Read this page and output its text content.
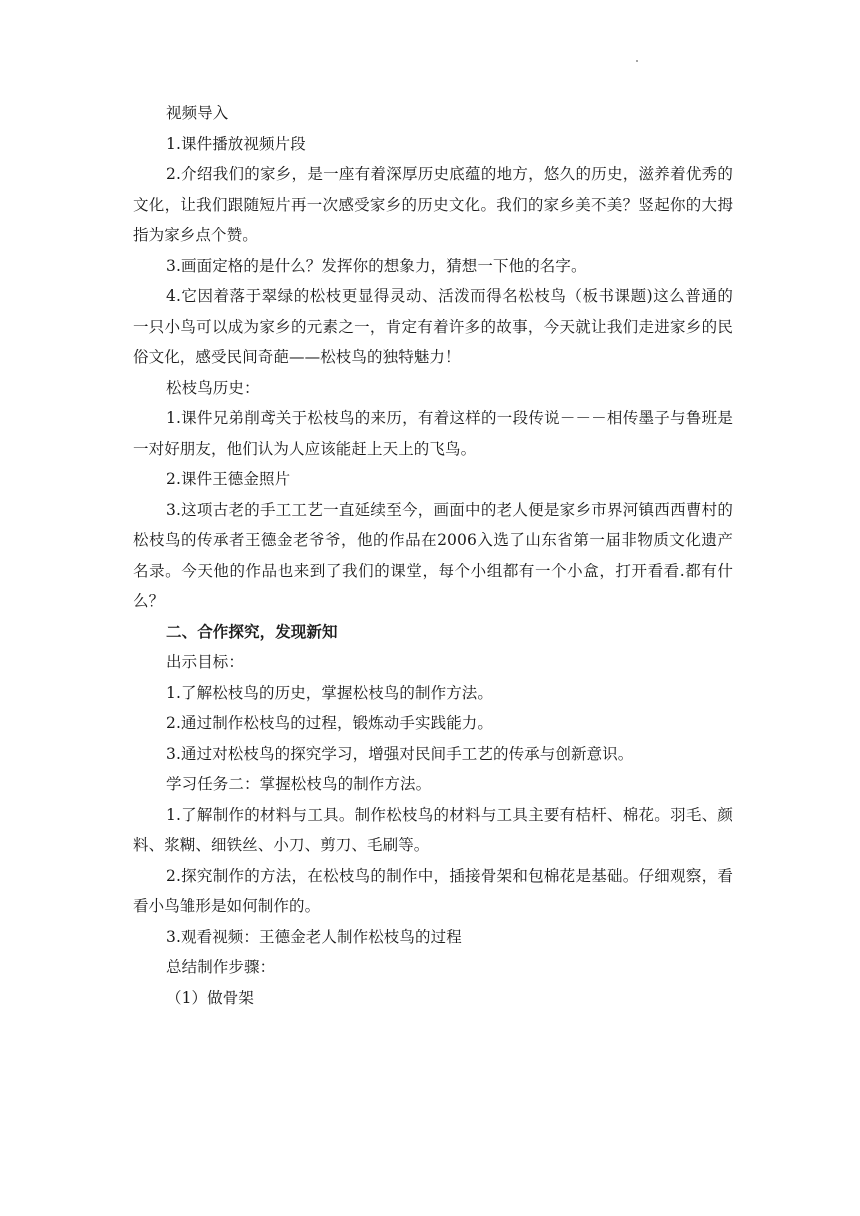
视频导入

1.课件播放视频片段

2.介绍我们的家乡，是一座有着深厚历史底蕴的地方，悠久的历史，滋养着优秀的文化，让我们跟随短片再一次感受家乡的历史文化。我们的家乡美不美？竖起你的大拇指为家乡点个赞。

3.画面定格的是什么？发挥你的想象力，猜想一下他的名字。

4.它因着落于翠绿的松枝更显得灵动、活泼而得名松枝鸟（板书课题)这么普通的一只小鸟可以成为家乡的元素之一，肯定有着许多的故事，今天就让我们走进家乡的民俗文化，感受民间奇葩——松枝鸟的独特魅力！

松枝鸟历史：

1.课件兄弟削鸢关于松枝鸟的来历，有着这样的一段传说－－－相传墨子与鲁班是一对好朋友，他们认为人应该能赶上天上的飞鸟。

2.课件王德金照片

3.这项古老的手工工艺一直延续至今，画面中的老人便是家乡市界河镇西西曹村的松枝鸟的传承者王德金老爷爷，他的作品在2006入选了山东省第一届非物质文化遗产名录。今天他的作品也来到了我们的课堂，每个小组都有一个小盒，打开看看.都有什么？

二、合作探究，发现新知

出示目标：

1.了解松枝鸟的历史，掌握松枝鸟的制作方法。

2.通过制作松枝鸟的过程，锻炼动手实践能力。

3.通过对松枝鸟的探究学习，增强对民间手工艺的传承与创新意识。

学习任务二：掌握松枝鸟的制作方法。

1.了解制作的材料与工具。制作松枝鸟的材料与工具主要有桔杆、棉花。羽毛、颜料、浆糊、细铁丝、小刀、剪刀、毛刷等。

2.探究制作的方法，在松枝鸟的制作中，插接骨架和包棉花是基础。仔细观察，看看小鸟雏形是如何制作的。

3.观看视频：王德金老人制作松枝鸟的过程

总结制作步骤：

（1）做骨架
